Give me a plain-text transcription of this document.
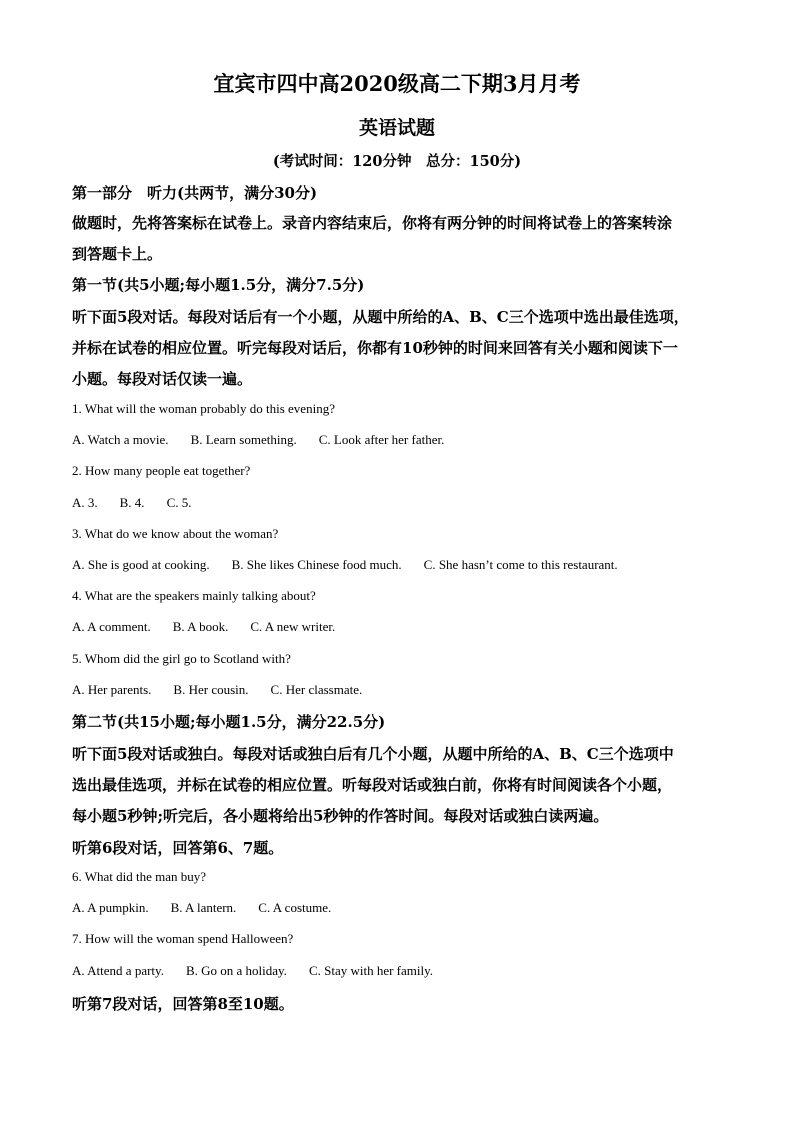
宜宾市四中高2020级高二下期3月月考
英语试题
(考试时间：120分钟　总分：150分)
第一部分　听力(共两节，满分30分)
做题时，先将答案标在试卷上。录音内容结束后，你将有两分钟的时间将试卷上的答案转涂
到答题卡上。
第一节(共5小题;每小题1.5分，满分7.5分)
听下面5段对话。每段对话后有一个小题，从题中所给的A、B、C三个选项中选出最佳选项，
并标在试卷的相应位置。听完每段对话后，你都有10秒钟的时间来回答有关小题和阅读下一
小题。每段对话仅读一遍。
1. What will the woman probably do this evening?
A. Watch a movie. B. Learn something. C. Look after her father.
2. How many people eat together?
A. 3. B. 4. C. 5.
3. What do we know about the woman?
A. She is good at cooking. B. She likes Chinese food much. C. She hasn’t come to this restaurant.
4. What are the speakers mainly talking about?
A. A comment. B. A book. C. A new writer.
5. Whom did the girl go to Scotland with?
A. Her parents. B. Her cousin. C. Her classmate.
第二节(共15小题;每小题1.5分，满分22.5分)
听下面5段对话或独白。每段对话或独白后有几个小题，从题中所给的A、B、C三个选项中
选出最佳选项，并标在试卷的相应位置。听每段对话或独白前，你将有时间阅读各个小题，
每小题5秒钟;听完后，各小题将给出5秒钟的作答时间。每段对话或独白读两遍。
听第6段对话，回答第6、7题。
6. What did the man buy?
A. A pumpkin. B. A lantern. C. A costume.
7. How will the woman spend Halloween?
A. Attend a party. B. Go on a holiday. C. Stay with her family.
听第7段对话，回答第8至10题。
